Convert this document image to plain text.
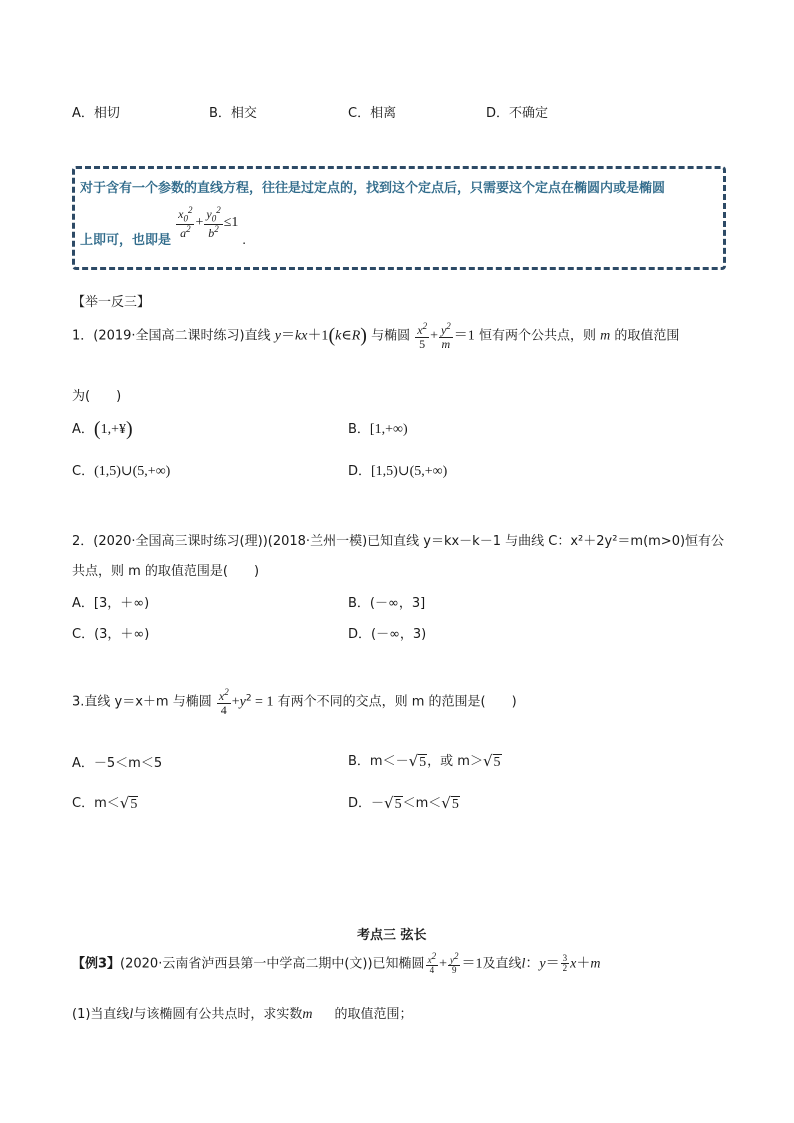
A．相切	B．相交	C．相离	D．不确定
对于含有一个参数的直线方程，往往是过定点的，找到这个定点后，只需要这个定点在椭圆内或是椭圆
上即可，也即是
$\frac{x_0^2}{a^2} + \frac{y_0^2}{b^2} \le 1$.
【举一反三】
1．(2019·全国高二课时练习)直线 y＝kx＋1(k∈R) 与椭圆 $\frac{x^2}{5} + \frac{y^2}{m} =1$ 恒有两个公共点，则 m 的取值范围
为(　　)
A．(1,+¥)	B．[1,+∞)
C．(1,5)∪(5,+∞)	D．[1,5)∪(5,+∞)
2．(2020·全国高三课时练习(理))(2018·兰州一模)已知直线 y＝kx－k－1 与曲线 C：x²＋2y²＝m(m>0)恒有公
共点，则 m 的取值范围是(　　)
A．[3，＋∞)	B．(－∞，3]
C．(3，＋∞)	D．(－∞，3)
3.直线 y＝x＋m 与椭圆 $\frac{x^2}{4} +y^2 = 1$ 有两个不同的交点，则 m 的范围是(　　)
A．－5＜m＜5	B．m＜－√5，或 m＞√5
C．m＜√5	D．－√5＜m＜√5
考点三 弦长
【例3】(2020·云南省泸西县第一中学高二期中(文))已知椭圆 $\frac{x^2}{4} + \frac{y^2}{9} =1$及直线l：$y= \frac{3}{2} x+m$
(1)当直线l与该椭圆有公共点时，求实数m 的取值范围；
